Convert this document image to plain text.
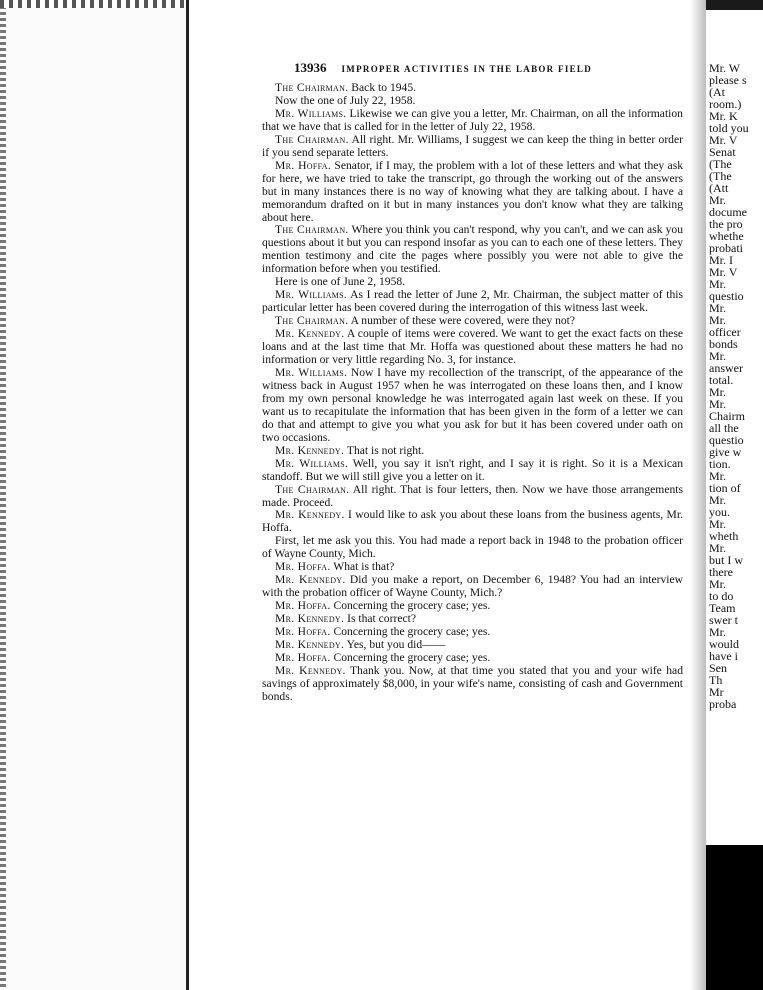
13936 IMPROPER ACTIVITIES IN THE LABOR FIELD

The Chairman. Back to 1945.

Now the one of July 22, 1958.

Mr. Williams. Likewise we can give you a letter, Mr. Chairman, on all the information that we have that is called for in the letter of July 22, 1958.

The Chairman. All right. Mr. Williams, I suggest we can keep the thing in better order if you send separate letters.

Mr. Hoffa. Senator, if I may, the problem with a lot of these letters and what they ask for here, we have tried to take the transcript, go through the working out of the answers but in many instances there is no way of knowing what they are talking about. I have a memorandum drafted on it but in many instances you don't know what they are talking about here.

The Chairman. Where you think you can't respond, why you can't, and we can ask you questions about it but you can respond insofar as you can to each one of these letters. They mention testimony and cite the pages where possibly you were not able to give the information before when you testified.

Here is one of June 2, 1958.

Mr. Williams. As I read the letter of June 2, Mr. Chairman, the subject matter of this particular letter has been covered during the interrogation of this witness last week.

The Chairman. A number of these were covered, were they not?

Mr. Kennedy. A couple of items were covered. We want to get the exact facts on these loans and at the last time that Mr. Hoffa was questioned about these matters he had no information or very little regarding No. 3, for instance.

Mr. Williams. Now I have my recollection of the transcript, of the appearance of the witness back in August 1957 when he was interrogated on these loans then, and I know from my own personal knowledge he was interrogated again last week on these. If you want us to recapitulate the information that has been given in the form of a letter we can do that and attempt to give you what you ask for but it has been covered under oath on two occasions.

Mr. Kennedy. That is not right.

Mr. Williams. Well, you say it isn't right, and I say it is right. So it is a Mexican standoff. But we will still give you a letter on it.

The Chairman. All right. That is four letters, then. Now we have those arrangements made. Proceed.

Mr. Kennedy. I would like to ask you about these loans from the business agents, Mr. Hoffa.

First, let me ask you this. You had made a report back in 1948 to the probation officer of Wayne County, Mich.

Mr. Hoffa. What is that?

Mr. Kennedy. Did you make a report, on December 6, 1948? You had an interview with the probation officer of Wayne County, Mich.?

Mr. Hoffa. Concerning the grocery case; yes.

Mr. Kennedy. Is that correct?

Mr. Hoffa. Concerning the grocery case; yes.

Mr. Kennedy. Yes, but you did——

Mr. Hoffa. Concerning the grocery case; yes.

Mr. Kennedy. Thank you. Now, at that time you stated that you and your wife had savings of approximately $8,000, in your wife's name, consisting of cash and Government bonds.

Mr. W
please s
(At
room.)
Mr. K
told you
Mr. V
Senat
(The
(The
(Att
Mr.
docume
the pro
whethe
probati
Mr. I
Mr. V
Mr.
questio
Mr.
Mr.
officer
bonds
Mr.
answer
total.
Mr.
Mr.
Chairm
all the
questio
give w
tion.
Mr.
tion of
Mr.
you.
Mr.
wheth
Mr.
but I w
there
Mr.
to do
Team
swer t
Mr.
would
have i
Sen
Th
Mr
proba
